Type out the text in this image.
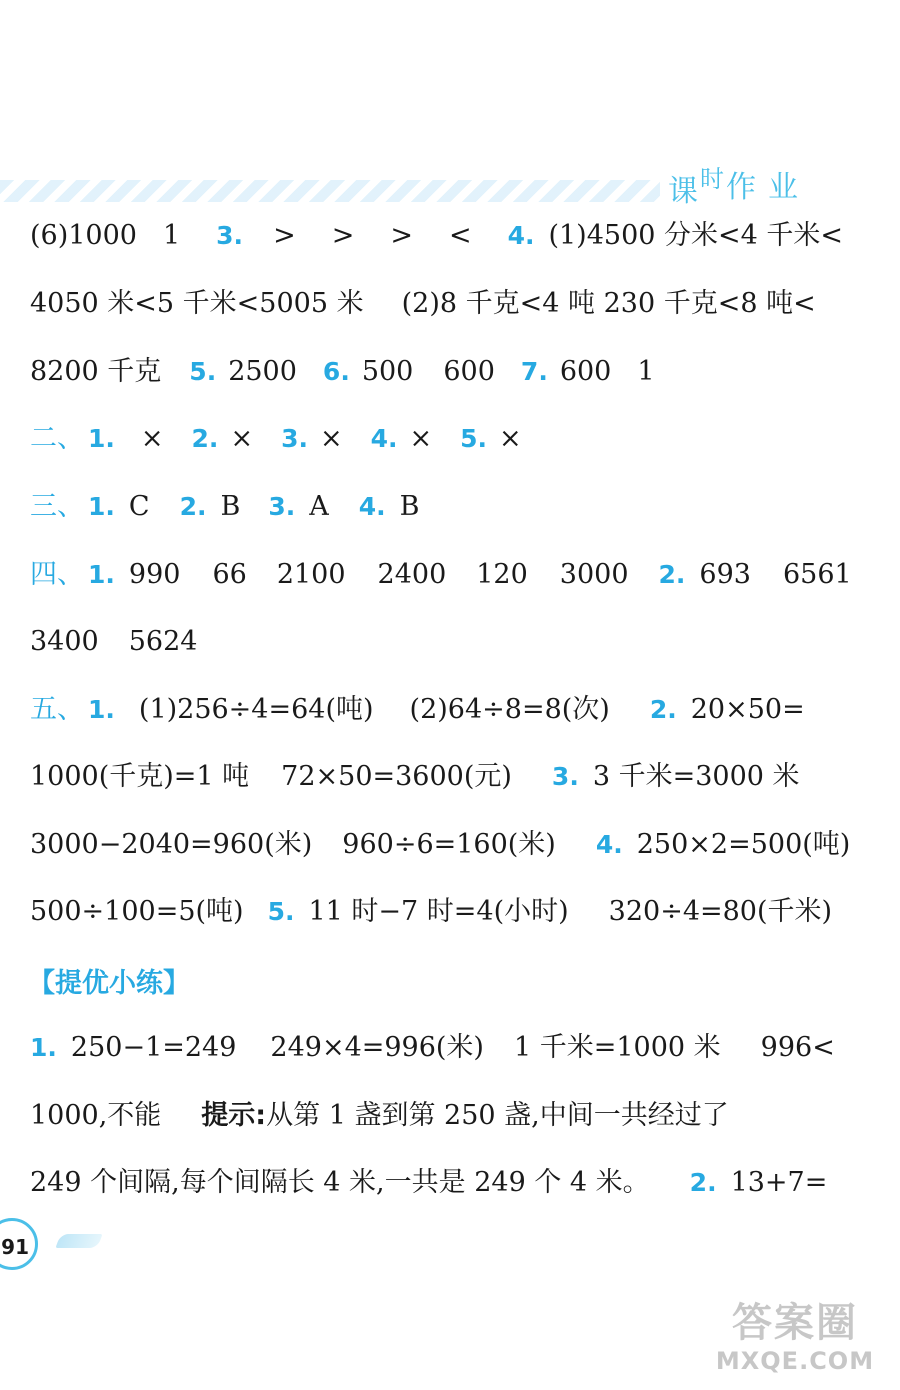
课时作 业
(6)1000 1 3. > > > < 4. (1)4500 分米<4 千米<
4050 米<5 千米<5005 米 (2)8 千克<4 吨 230 千克<8 吨<
8200 千克 5. 2500 6. 500 600 7. 600 1
二、 1. × 2. × 3. × 4. × 5. ×
三、 1. C 2. B 3. A 4. B
四、 1. 990 66 2100 2400 120 3000 2. 693 6561
3400 5624
五、 1. (1)256÷4=64(吨) (2)64÷8=8(次) 2. 20×50=
1000(千克)=1 吨 72×50=3600(元) 3. 3 千米=3000 米
3000−2040=960(米) 960÷6=160(米) 4. 250×2=500(吨)
500÷100=5(吨) 5. 11 时−7 时=4(小时) 320÷4=80(千米)
1. 250−1=249 249×4=996(米) 1 千米=1000 米 996<
1000,不能 提示:从第 1 盏到第 250 盏,中间一共经过了
249 个间隔,每个间隔长 4 米,一共是 249 个 4 米。 2. 13+7=
【提优小练】
91
答案圈
MXQE.COM
